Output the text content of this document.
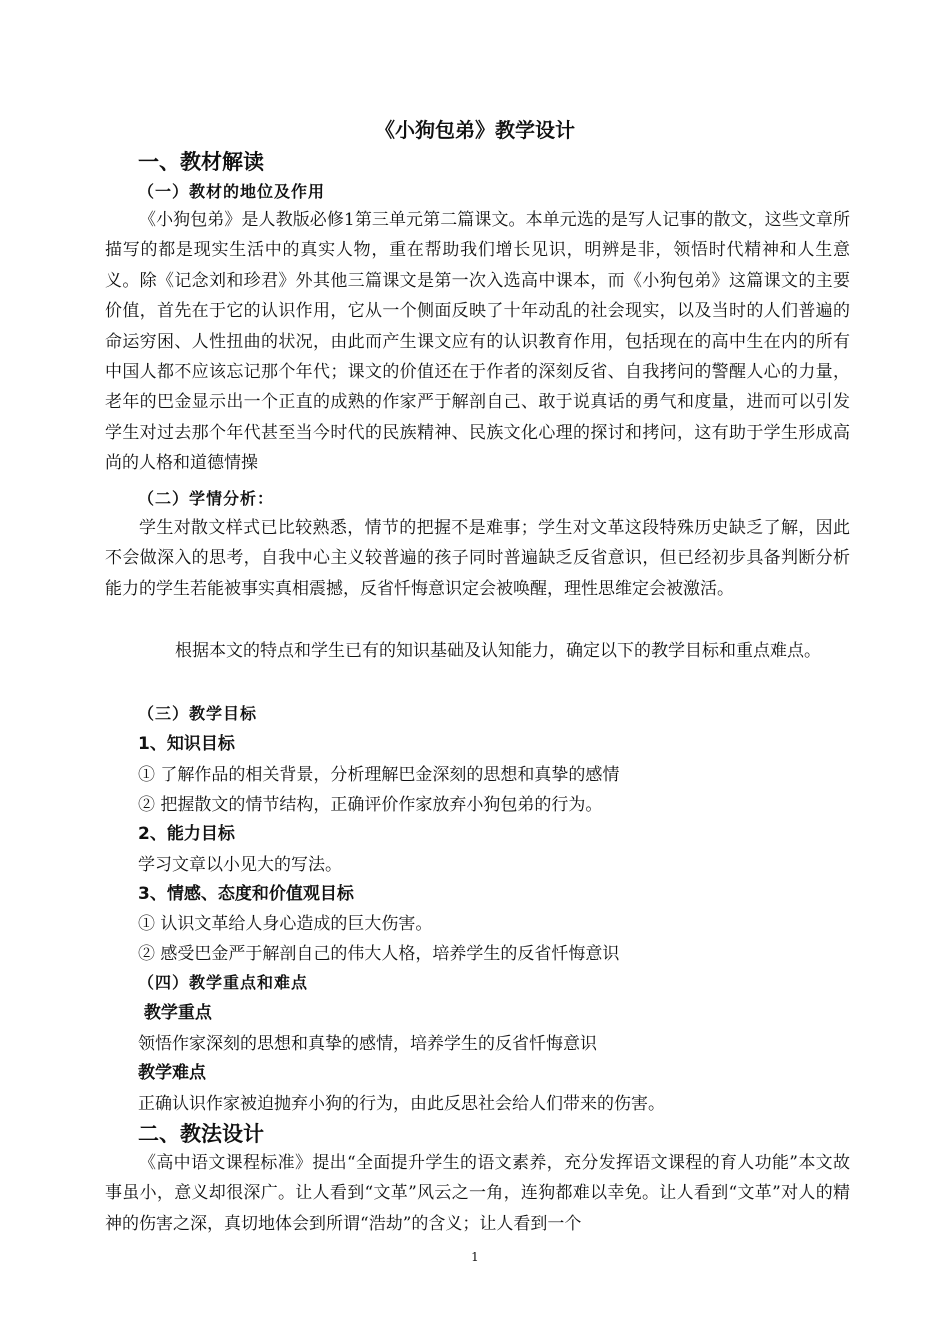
《小狗包弟》教学设计
一、教材解读
（一）教材的地位及作用
《小狗包弟》是人教版必修1第三单元第二篇课文。本单元选的是写人记事的散文，这些文章所描写的都是现实生活中的真实人物，重在帮助我们增长见识，明辨是非，领悟时代精神和人生意义。除《记念刘和珍君》外其他三篇课文是第一次入选高中课本，而《小狗包弟》这篇课文的主要价值，首先在于它的认识作用，它从一个侧面反映了十年动乱的社会现实，以及当时的人们普遍的命运穷困、人性扭曲的状况，由此而产生课文应有的认识教育作用，包括现在的高中生在内的所有中国人都不应该忘记那个年代；课文的价值还在于作者的深刻反省、自我拷问的警醒人心的力量，老年的巴金显示出一个正直的成熟的作家严于解剖自己、敢于说真话的勇气和度量，进而可以引发学生对过去那个年代甚至当今时代的民族精神、民族文化心理的探讨和拷问，这有助于学生形成高尚的人格和道德情操
（二）学情分析：
学生对散文样式已比较熟悉，情节的把握不是难事；学生对文革这段特殊历史缺乏了解，因此不会做深入的思考，自我中心主义较普遍的孩子同时普遍缺乏反省意识，但已经初步具备判断分析能力的学生若能被事实真相震撼，反省忏悔意识定会被唤醒，理性思维定会被激活。
根据本文的特点和学生已有的知识基础及认知能力，确定以下的教学目标和重点难点。
（三）教学目标
1、知识目标
① 了解作品的相关背景，分析理解巴金深刻的思想和真挚的感情
② 把握散文的情节结构，正确评价作家放弃小狗包弟的行为。
2、能力目标
学习文章以小见大的写法。
3、情感、态度和价值观目标
① 认识文革给人身心造成的巨大伤害。
② 感受巴金严于解剖自己的伟大人格，培养学生的反省忏悔意识
（四）教学重点和难点
教学重点
领悟作家深刻的思想和真挚的感情，培养学生的反省忏悔意识
教学难点
正确认识作家被迫抛弃小狗的行为，由此反思社会给人们带来的伤害。
二、教法设计
《高中语文课程标准》提出“全面提升学生的语文素养，充分发挥语文课程的育人功能”本文故事虽小，意义却很深广。让人看到“文革”风云之一角，连狗都难以幸免。让人看到“文革”对人的精神的伤害之深，真切地体会到所谓“浩劫”的含义；让人看到一个
1
